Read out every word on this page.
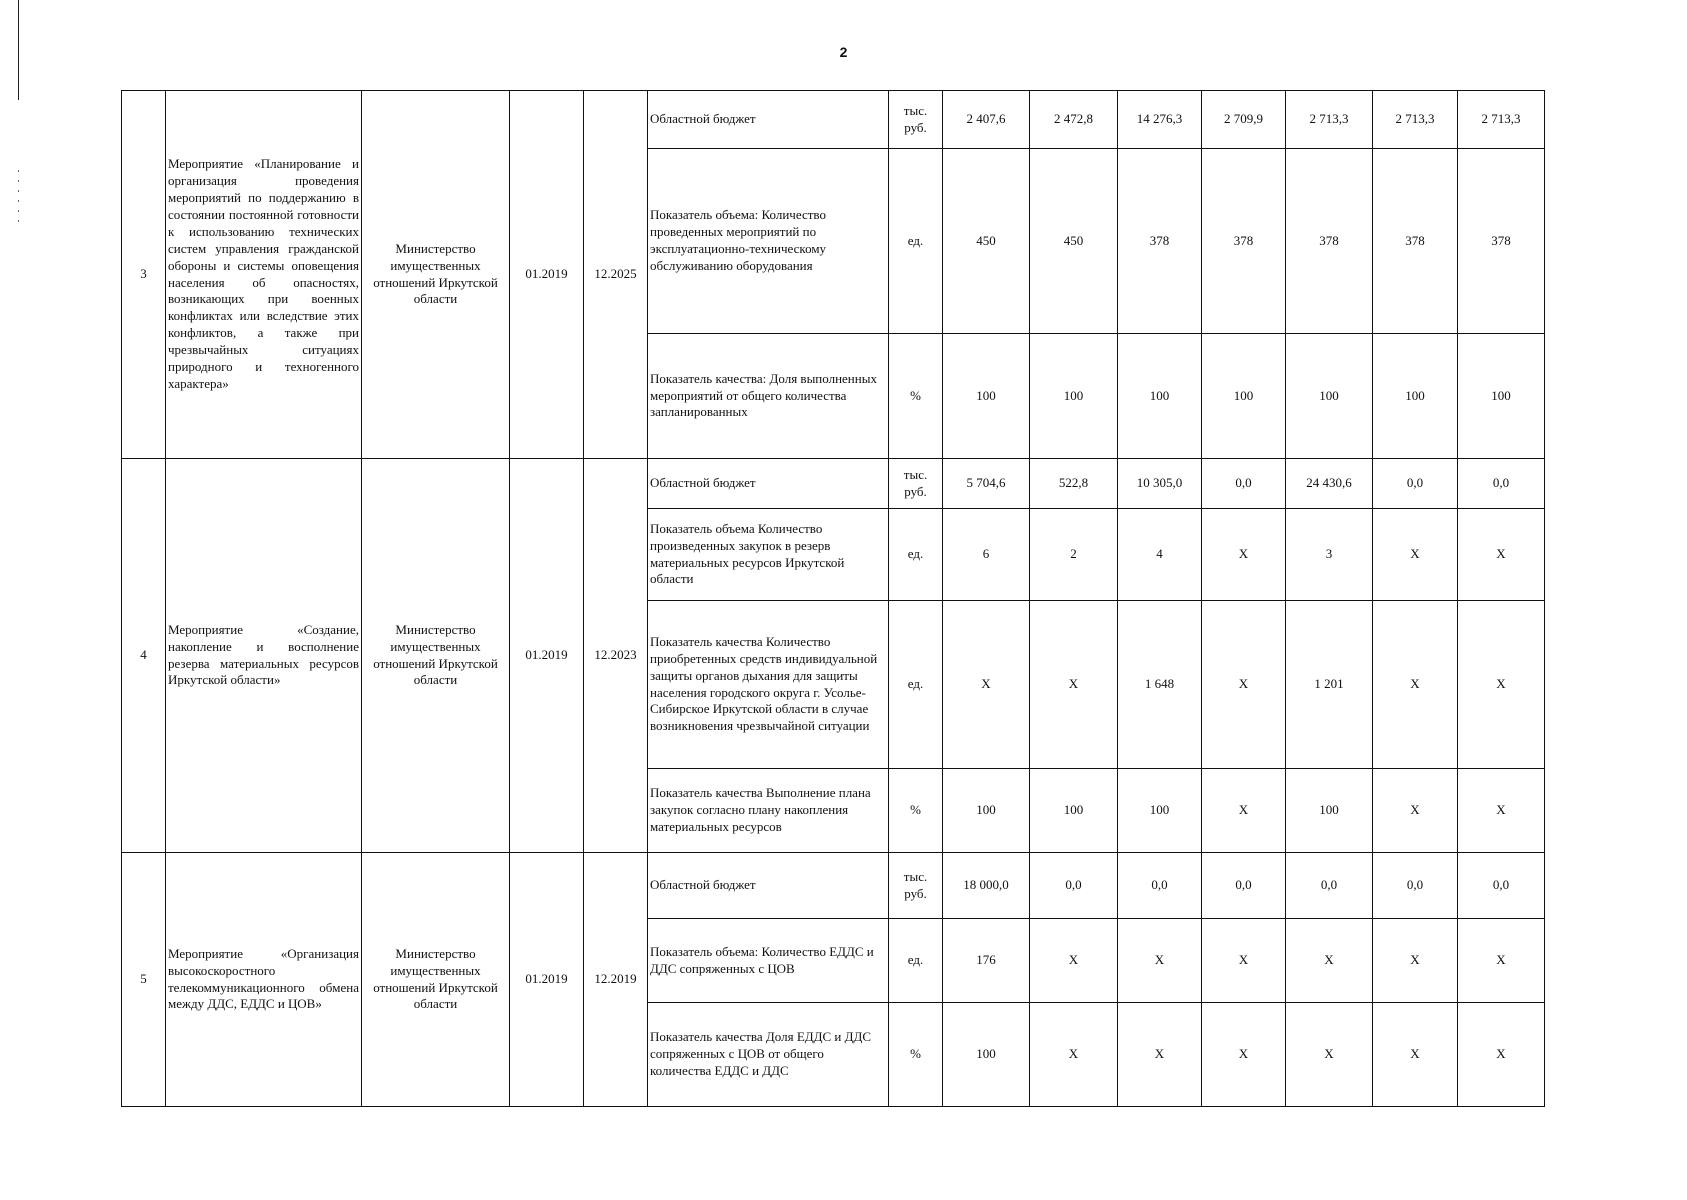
2
3	Мероприятие «Планирование и организация проведения мероприятий по поддержанию в состоянии постоянной готовности к использованию технических систем управления гражданской обороны и системы оповещения населения об опасностях, возникающих при военных конфликтах или вследствие этих конфликтов, а также при чрезвычайных ситуациях природного и техногенного характера»	Министерство имущественных отношений Иркутской области	01.2019	12.2025	Областной бюджет	тыс. руб.	2 407,6	2 472,8	14 276,3	2 709,9	2 713,3	2 713,3	2 713,3
					Показатель объема: Количество проведенных мероприятий по эксплуатационно-техническому обслуживанию оборудования	ед.	450	450	378	378	378	378	378
					Показатель качества: Доля выполненных мероприятий от общего количества запланированных	%	100	100	100	100	100	100	100
4	Мероприятие «Создание, накопление и восполнение резерва материальных ресурсов Иркутской области»	Министерство имущественных отношений Иркутской области	01.2019	12.2023	Областной бюджет	тыс. руб.	5 704,6	522,8	10 305,0	0,0	24 430,6	0,0	0,0
					Показатель объема Количество произведенных закупок в резерв материальных ресурсов Иркутской области	ед.	6	2	4	X	3	X	X
					Показатель качества Количество приобретенных средств индивидуальной защиты органов дыхания для защиты населения городского округа г. Усолье-Сибирское Иркутской области в случае возникновения чрезвычайной ситуации	ед.	X	X	1 648	X	1 201	X	X
					Показатель качества Выполнение плана закупок согласно плану накопления материальных ресурсов	%	100	100	100	X	100	X	X
5	Мероприятие «Организация высокоскоростного телекоммуникационного обмена между ДДС, ЕДДС и ЦОВ»	Министерство имущественных отношений Иркутской области	01.2019	12.2019	Областной бюджет	тыс. руб.	18 000,0	0,0	0,0	0,0	0,0	0,0	0,0
					Показатель объема: Количество ЕДДС и ДДС сопряженных с ЦОВ	ед.	176	X	X	X	X	X	X
					Показатель качества Доля ЕДДС и ДДС сопряженных с ЦОВ от общего количества ЕДДС и ДДС	%	100	X	X	X	X	X	X
